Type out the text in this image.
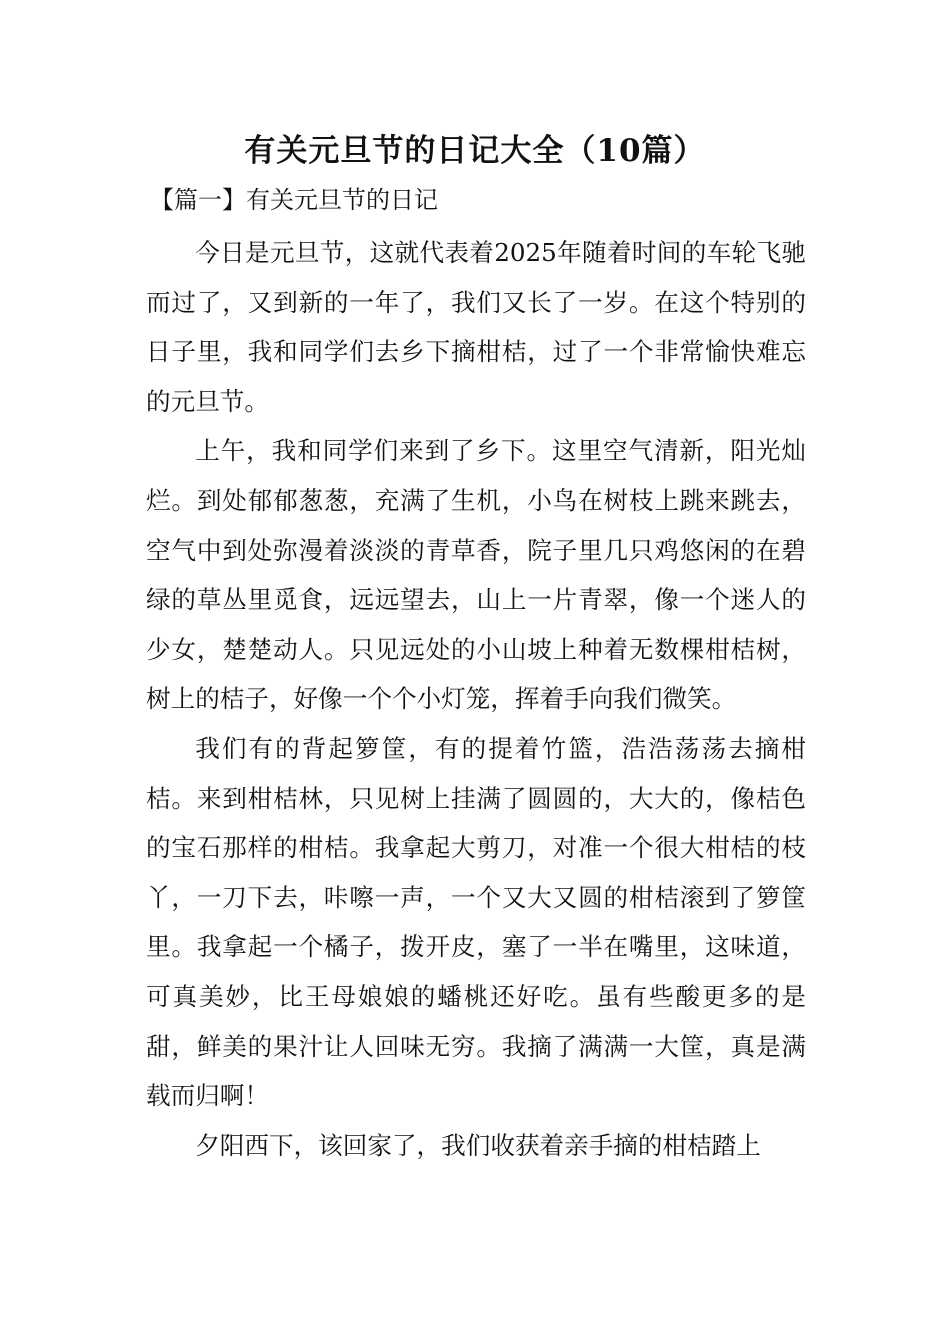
有关元旦节的日记大全（10篇）
【篇一】有关元旦节的日记

今日是元旦节，这就代表着2025年随着时间的车轮飞驰而过了，又到新的一年了，我们又长了一岁。在这个特别的日子里，我和同学们去乡下摘柑桔，过了一个非常愉快难忘的元旦节。

上午，我和同学们来到了乡下。这里空气清新，阳光灿烂。到处郁郁葱葱，充满了生机，小鸟在树枝上跳来跳去，空气中到处弥漫着淡淡的青草香，院子里几只鸡悠闲的在碧绿的草丛里觅食，远远望去，山上一片青翠，像一个迷人的少女，楚楚动人。只见远处的小山坡上种着无数棵柑桔树，树上的桔子，好像一个个小灯笼，挥着手向我们微笑。

我们有的背起箩筐，有的提着竹篮，浩浩荡荡去摘柑桔。来到柑桔林，只见树上挂满了圆圆的，大大的，像桔色的宝石那样的柑桔。我拿起大剪刀，对准一个很大柑桔的枝丫，一刀下去，咔嚓一声，一个又大又圆的柑桔滚到了箩筐里。我拿起一个橘子，拨开皮，塞了一半在嘴里，这味道，可真美妙，比王母娘娘的蟠桃还好吃。虽有些酸更多的是甜，鲜美的果汁让人回味无穷。我摘了满满一大筐，真是满载而归啊！

夕阳西下，该回家了，我们收获着亲手摘的柑桔踏上
